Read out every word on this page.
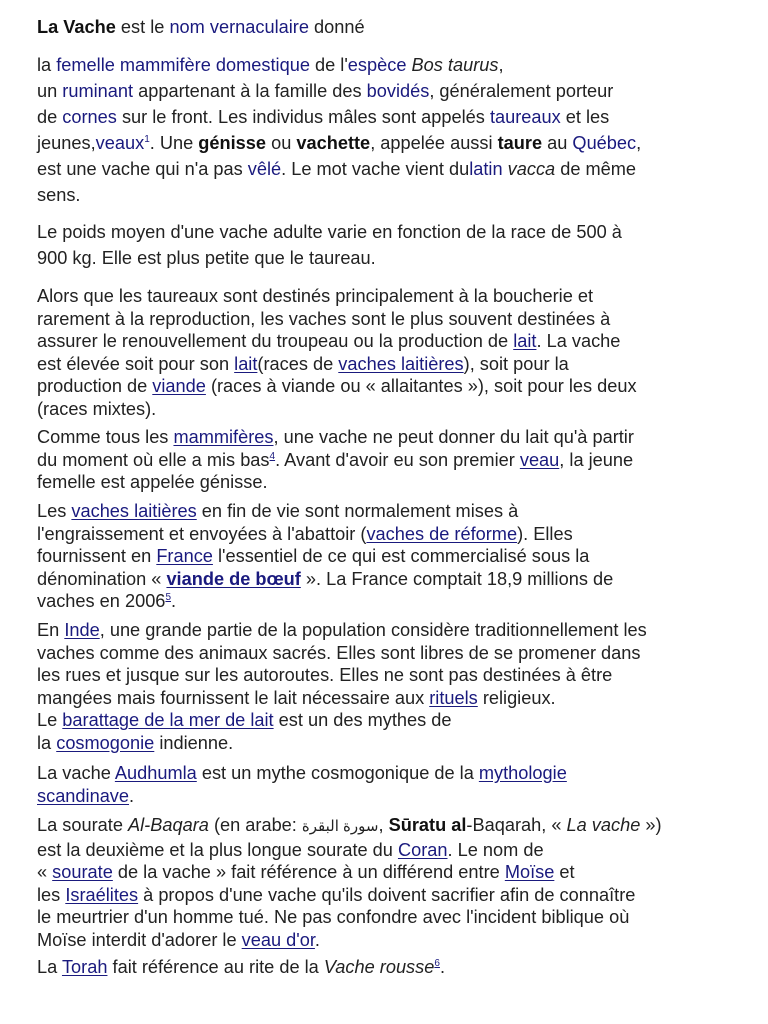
La Vache est le nom vernaculaire donné

la femelle mammifère domestique de l'espèce Bos taurus,
un ruminant appartenant à la famille des bovidés, généralement porteur
de cornes sur le front. Les individus mâles sont appelés taureaux et les
jeunes,veaux$^1$. Une génisse ou vachette, appelée aussi taure au Québec,
est une vache qui n'a pas vêlé. Le mot vache vient dulatin vacca de même
sens.

Le poids moyen d'une vache adulte varie en fonction de la race de 500 à
900 kg. Elle est plus petite que le taureau.

Alors que les taureaux sont destinés principalement à la boucherie et
rarement à la reproduction, les vaches sont le plus souvent destinées à
assurer le renouvellement du troupeau ou la production de lait. La vache
est élevée soit pour son lait(races de vaches laitières), soit pour la
production de viande (races à viande ou « allaitantes »), soit pour les deux
(races mixtes).

Comme tous les mammifères, une vache ne peut donner du lait qu'à partir
du moment où elle a mis bas$^4$. Avant d'avoir eu son premier veau, la jeune
femelle est appelée génisse.

Les vaches laitières en fin de vie sont normalement mises à
l'engraissement et envoyées à l'abattoir (vaches de réforme). Elles
fournissent en France l'essentiel de ce qui est commercialisé sous la
dénomination « viande de bœuf ». La France comptait 18,9 millions de
vaches en 2006$^5$.

En Inde, une grande partie de la population considère traditionnellement les
vaches comme des animaux sacrés. Elles sont libres de se promener dans
les rues et jusque sur les autoroutes. Elles ne sont pas destinées à être
mangées mais fournissent le lait nécessaire aux rituels religieux.
Le barattage de la mer de lait est un des mythes de
la cosmogonie indienne.

La vache Audhumla est un mythe cosmogonique de la mythologie
scandinave.

La sourate Al-Baqara (en arabe: سورة البقرة, Sūratu al-Baqarah, « La vache »)
est la deuxième et la plus longue sourate du Coran. Le nom de
« sourate de la vache » fait référence à un différend entre Moïse et
les Israélites à propos d'une vache qu'ils doivent sacrifier afin de connaître
le meurtrier d'un homme tué. Ne pas confondre avec l'incident biblique où
Moïse interdit d'adorer le veau d'or.

La Torah fait référence au rite de la Vache rousse$^6$.
